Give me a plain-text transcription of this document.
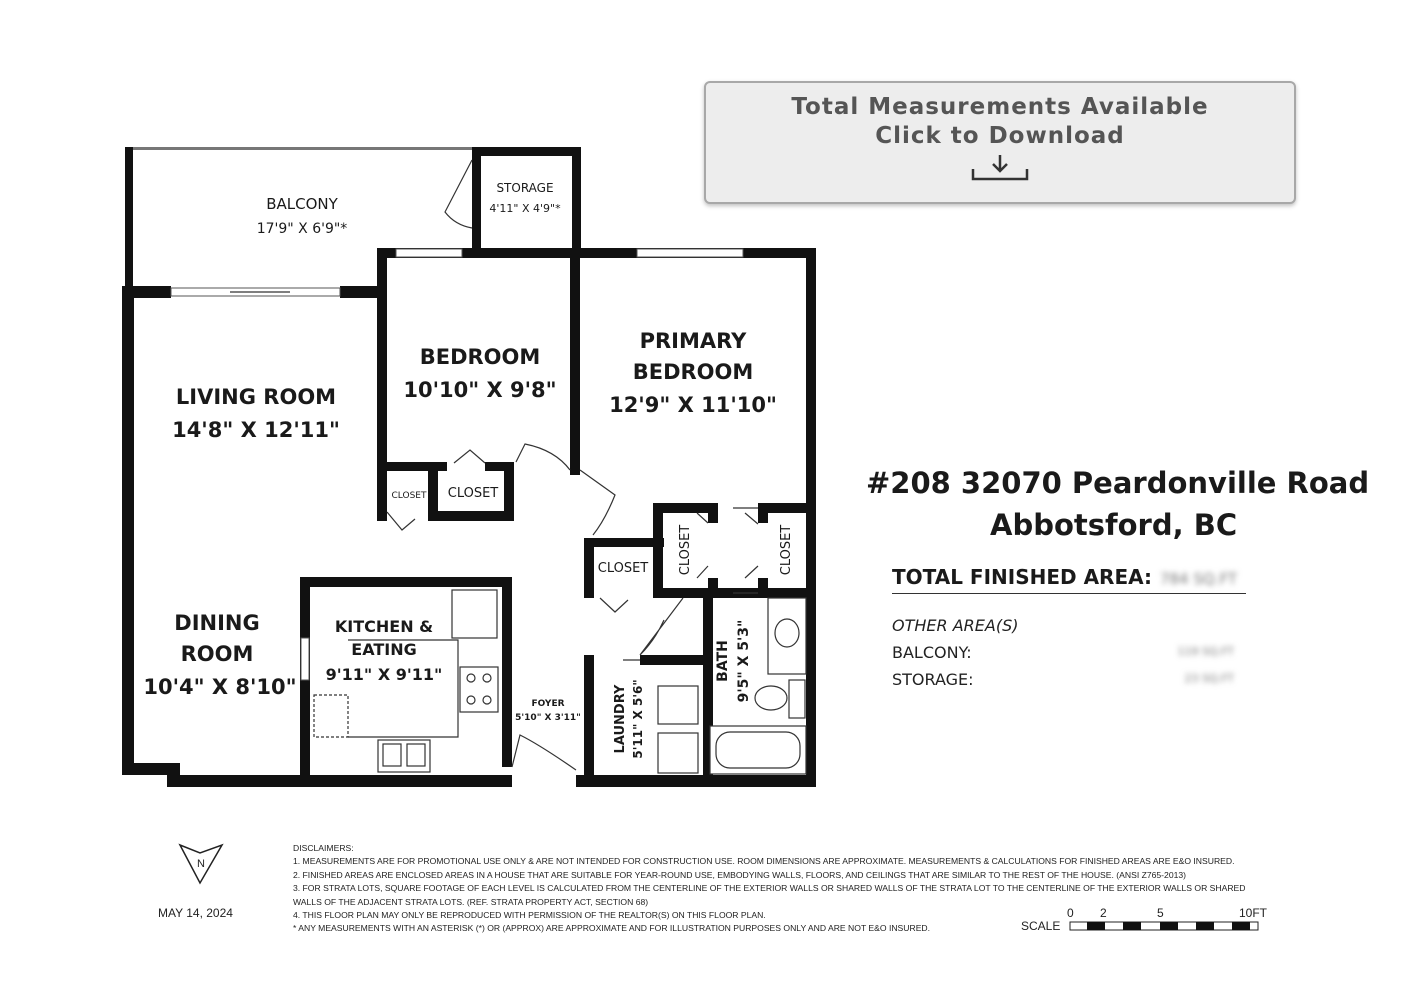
BALCONY
17'9" X 6'9"*
STORAGE
4'11" X 4'9"*
BEDROOM
10'10" X 9'8"
PRIMARY
BEDROOM
12'9" X 11'10"
LIVING ROOM
14'8" X 12'11"
DINING
ROOM
10'4" X 8'10"
KITCHEN &
EATING
9'11" X 9'11"
FOYER
5'10" X 3'11" LAUNDRY 5'11" X 5'6"
BATH 9'5" X 5'3"
CLOSET CLOSET
CLOSET CLOSET	CLOSET
Total Measurements Available
Click to Download
#208 32070 Peardonville Road
Abbotsford, BC
TOTAL FINISHED AREA: 784 SQ.FT
OTHER AREA(S)
BALCONY:	119 SQ.FT
STORAGE:	23 SQ.FT
N
MAY 14, 2024

DISCLAIMERS:

1. MEASUREMENTS ARE FOR PROMOTIONAL USE ONLY & ARE NOT INTENDED FOR CONSTRUCTION USE. ROOM DIMENSIONS ARE APPROXIMATE. MEASUREMENTS & CALCULATIONS FOR FINISHED AREAS ARE E&O INSURED.

2. FINISHED AREAS ARE ENCLOSED AREAS IN A HOUSE THAT ARE SUITABLE FOR YEAR-ROUND USE, EMBODYING WALLS, FLOORS, AND CEILINGS THAT ARE SIMILAR TO THE REST OF THE HOUSE. (ANSI Z765-2013)

3. FOR STRATA LOTS, SQUARE FOOTAGE OF EACH LEVEL IS CALCULATED FROM THE CENTERLINE OF THE EXTERIOR WALLS OR SHARED WALLS OF THE STRATA LOT TO THE CENTERLINE OF THE EXTERIOR WALLS OR SHARED WALLS OF THE ADJACENT STRATA LOTS. (REF. STRATA PROPERTY ACT, SECTION 68)

4. THIS FLOOR PLAN MAY ONLY BE REPRODUCED WITH PERMISSION OF THE REALTOR(S) ON THIS FLOOR PLAN.

* ANY MEASUREMENTS WITH AN ASTERISK (*) OR (APPROX) ARE APPROXIMATE AND FOR ILLUSTRATION PURPOSES ONLY AND ARE NOT E&O INSURED.	SCALE
0 2	5	10FT
